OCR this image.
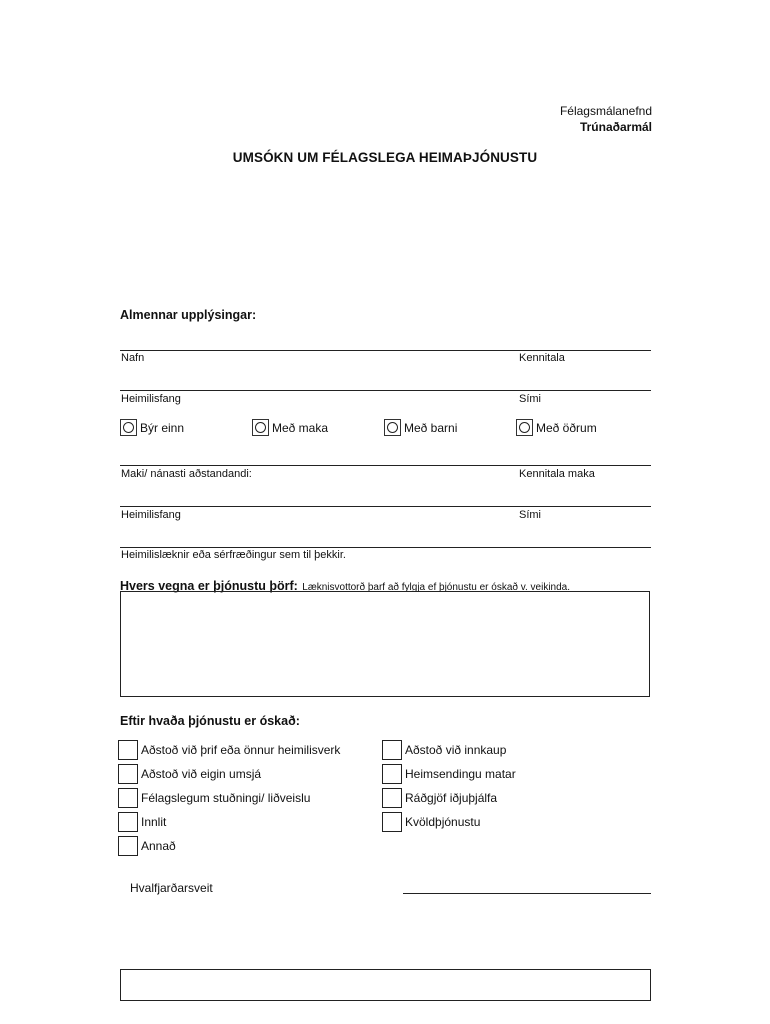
Félagsmálanefnd
Trúnaðarmál
UMSÓKN UM FÉLAGSLEGA HEIMAÞJÓNUSTU
Almennar upplýsingar:
Nafn	Kennitala
Heimilisfang	Sími
Býr einn	Með maka	Með barni	Með öðrum
Maki/ nánasti aðstandandi:	Kennitala maka
Heimilisfang	Sími
Heimilislæknir eða sérfræðingur sem til þekkir.
Hvers vegna er þjónustu þörf: Læknisvottorð þarf að fylgja ef þjónustu er óskað v. veikinda.
Eftir hvaða þjónustu er óskað:
Aðstoð við þrif eða önnur heimilisverk
Aðstoð við eigin umsjá
Félagslegum stuðningi/ liðveislu
Innlit
Annað
Aðstoð við innkaup
Heimsendingu matar
Ráðgjöf iðjuþjálfa
Kvöldþjónustu
Hvalfjarðarsveit
